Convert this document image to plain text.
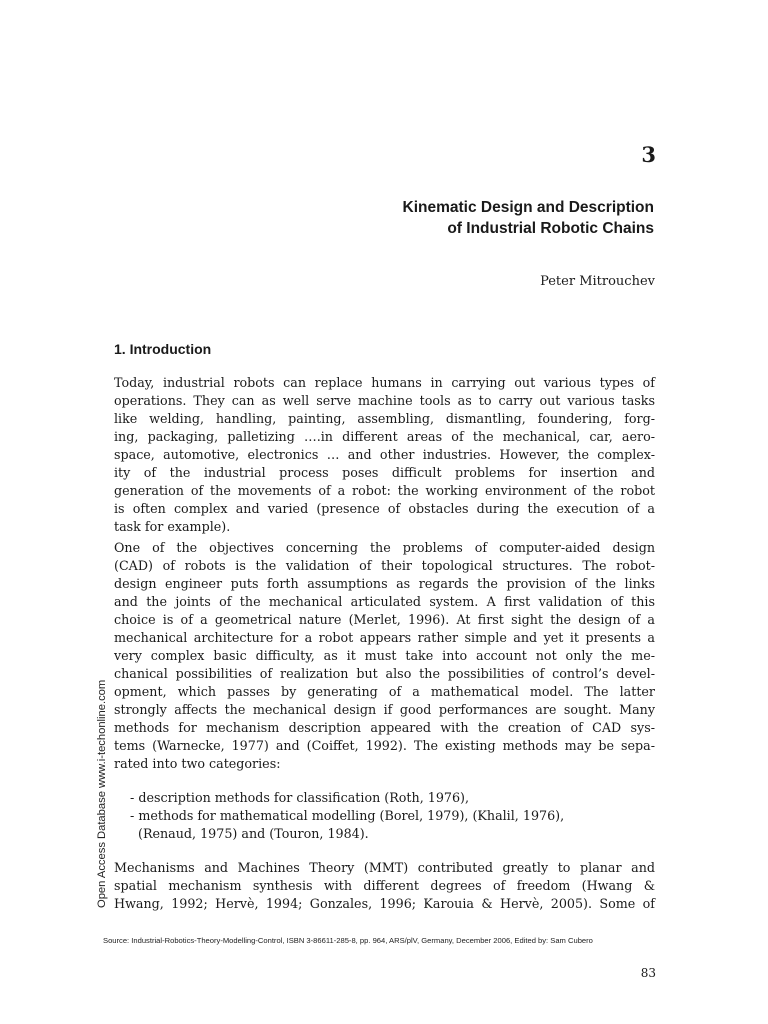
3
Kinematic Design and Description
of Industrial Robotic Chains
Peter Mitrouchev
1. Introduction
Today, industrial robots can replace humans in carrying out various types of
operations. They can as well serve machine tools as to carry out various tasks
like welding, handling, painting, assembling, dismantling, foundering, forg-
ing, packaging, palletizing ….in different areas of the mechanical, car, aero-
space, automotive, electronics … and other industries. However, the complex-
ity of the industrial process poses difficult problems for insertion and
generation of the movements of a robot: the working environment of the robot
is often complex and varied (presence of obstacles during the execution of a
task for example).
One of the objectives concerning the problems of computer-aided design
(CAD) of robots is the validation of their topological structures. The robot-
design engineer puts forth assumptions as regards the provision of the links
and the joints of the mechanical articulated system. A first validation of this
choice is of a geometrical nature (Merlet, 1996). At first sight the design of a
mechanical architecture for a robot appears rather simple and yet it presents a
very complex basic difficulty, as it must take into account not only the me-
chanical possibilities of realization but also the possibilities of control’s devel-
opment, which passes by generating of a mathematical model. The latter
strongly affects the mechanical design if good performances are sought. Many
methods for mechanism description appeared with the creation of CAD sys-
tems (Warnecke, 1977) and (Coiffet, 1992). The existing methods may be sepa-
rated into two categories:
- description methods for classification (Roth, 1976),
- methods for mathematical modelling (Borel, 1979), (Khalil, 1976),
(Renaud, 1975) and (Touron, 1984).
Mechanisms and Machines Theory (MMT) contributed greatly to planar and
spatial mechanism synthesis with different degrees of freedom (Hwang &
Hwang, 1992; Hervè, 1994; Gonzales, 1996; Karouia & Hervè, 2005). Some of
Open Access Database www.i-techonline.com
Source: Industrial-Robotics-Theory-Modelling-Control, ISBN 3-86611-285-8, pp. 964, ARS/plV, Germany, December 2006, Edited by: Sam Cubero
83
